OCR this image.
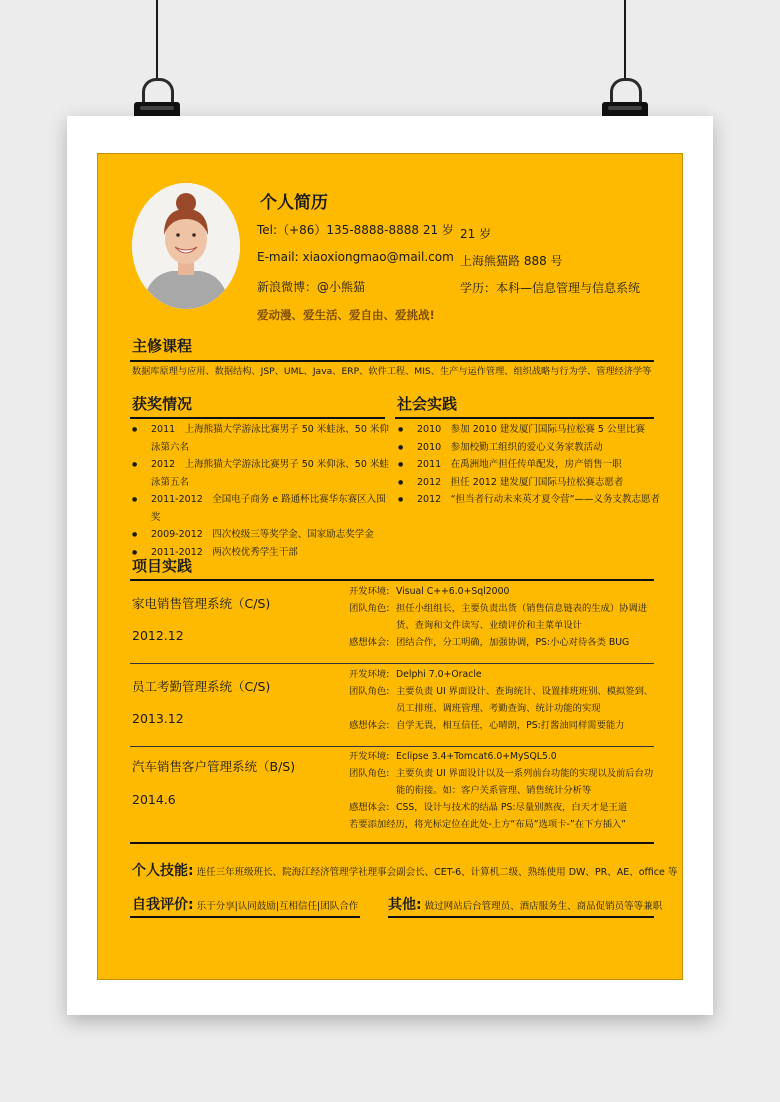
个人简历
Tel:（+86）135-8888-8888 21 岁
E-mail: xiaoxiongmao@mail.com
新浪微博：@小熊猫
爱动漫、爱生活、爱自由、爱挑战!
21 岁
上海熊猫路 888 号
学历：本科—信息管理与信息系统
主修课程
数据库原理与应用、数据结构、JSP、UML、Java、ERP、软件工程、MIS、生产与运作管理、组织战略与行为学、管理经济学等
获奖情况
● 2011　上海熊猫大学游泳比赛男子 50 米蛙泳、50 米仰泳第六名
● 2012　上海熊猫大学游泳比赛男子 50 米仰泳、50 米蛙泳第五名
● 2011-2012　全国电子商务 e 路通杯比赛华东赛区入围奖
● 2009-2012　四次校级三等奖学金、国家励志奖学金
● 2011-2012　两次校优秀学生干部
社会实践
● 2010　参加 2010 建发厦门国际马拉松赛 5 公里比赛
● 2010　参加校勤工组织的爱心义务家教活动
● 2011　在禹洲地产担任传单配发，房产销售一职
● 2012　担任 2012 建发厦门国际马拉松赛志愿者
● 2012　“担当者行动未来英才夏令营”——义务支教志愿者
项目实践
家电销售管理系统（C/S)
2012.12
开发环境: Visual C++6.0+Sql2000
团队角色: 担任小组组长，主要负责出货（销售信息链表的生成）协调进货、查询和文件读写、业绩评价和主菜单设计
感想体会: 团结合作，分工明确，加强协调，PS:小心对待各类 BUG
员工考勤管理系统（C/S)
2013.12
开发环境: Delphi 7.0+Oracle
团队角色: 主要负责 UI 界面设计、查询统计、设置排班班别、模拟签到、员工排班、调班管理、考勤查询、统计功能的实现
感想体会: 自学无畏，相互信任，心晴朗，PS:打酱油同样需要能力
汽车销售客户管理系统（B/S)
2014.6
开发环境: Eclipse 3.4+Tomcat6.0+MySQL5.0
团队角色: 主要负责 UI 界面设计以及一系列前台功能的实现以及前后台功能的衔接。如：客户关系管理、销售统计分析等
感想体会: CSS，设计与技术的结晶 PS:尽量别熬夜，白天才是王道
若要添加经历，将光标定位在此处-上方“布局”选项卡-”在下方插入”
个人技能: 连任三年班级班长、院海江经济管理学社理事会副会长、CET-6、计算机二级、熟练使用 DW、PR、AE、office 等
自我评价: 乐于分享|认同鼓励|互相信任|团队合作 其他: 做过网站后台管理员、酒店服务生、商品促销员等等兼职
